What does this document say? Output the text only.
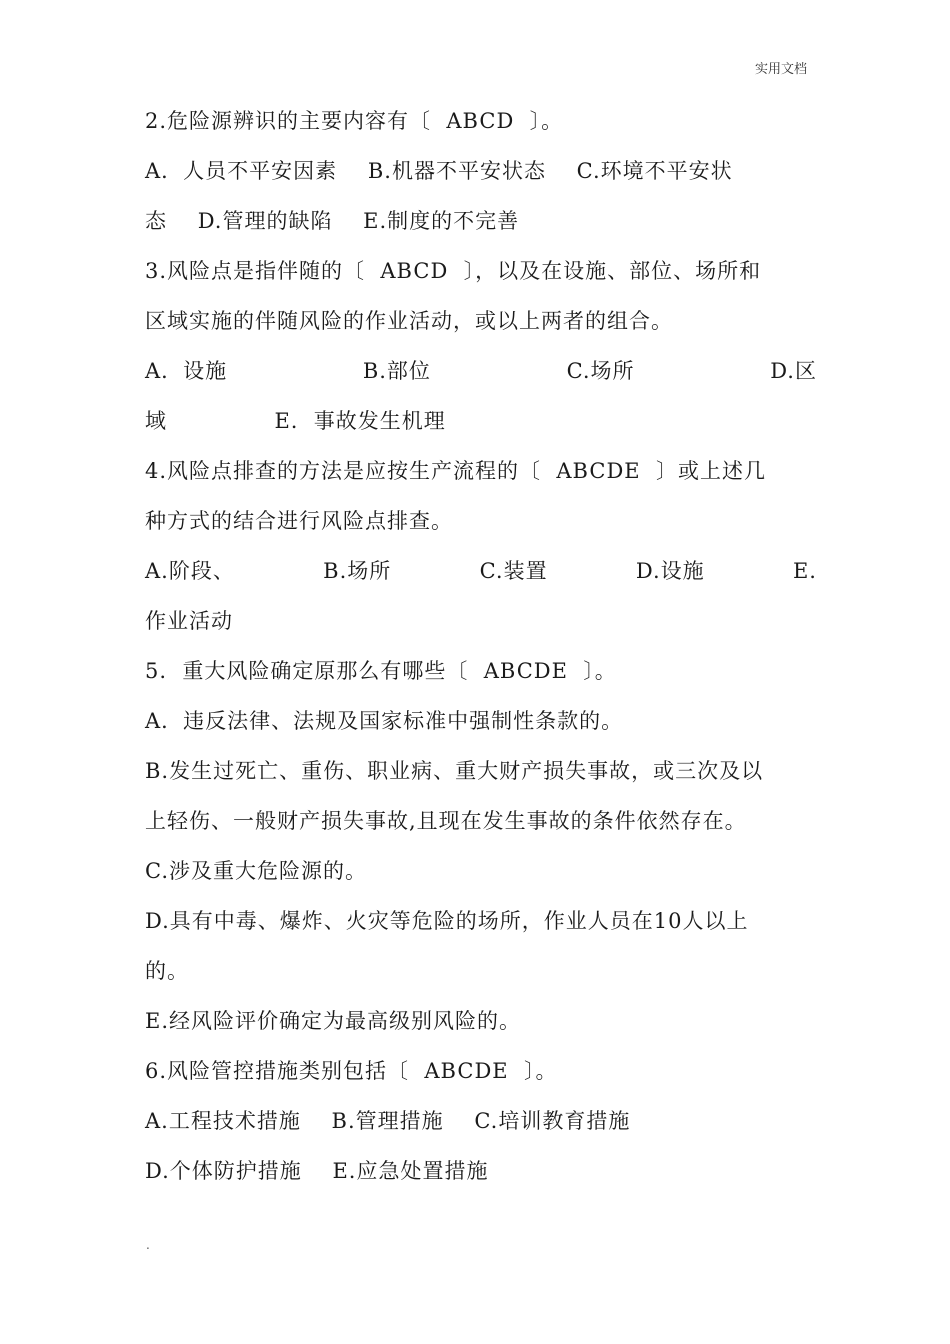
实用文档
2.危险源辨识的主要内容有〔  ABCD  〕。
A．人员不平安因素    B.机器不平安状态    C.环境不平安状
态    D.管理的缺陷    E.制度的不完善
3.风险点是指伴随的〔  ABCD  〕，以及在设施、部位、场所和
区域实施的伴随风险的作业活动，或以上两者的组合。
A．设施	B.部位	C.场所	D.区
域              E.  事故发生机理
4.风险点排查的方法是应按生产流程的〔  ABCDE  〕或上述几
种方式的结合进行风险点排查。
A.阶段、	B.场所	C.装置	D.设施	E.
作业活动
5.  重大风险确定原那么有哪些〔  ABCDE  〕。
A．违反法律、法规及国家标准中强制性条款的。
B.发生过死亡、重伤、职业病、重大财产损失事故，或三次及以
上轻伤、一般财产损失事故,且现在发生事故的条件依然存在。
C.涉及重大危险源的。
D.具有中毒、爆炸、火灾等危险的场所，作业人员在10人以上
的。
E.经风险评价确定为最高级别风险的。
6.风险管控措施类别包括〔  ABCDE  〕。
A.工程技术措施    B.管理措施    C.培训教育措施
D.个体防护措施    E.应急处置措施
.
